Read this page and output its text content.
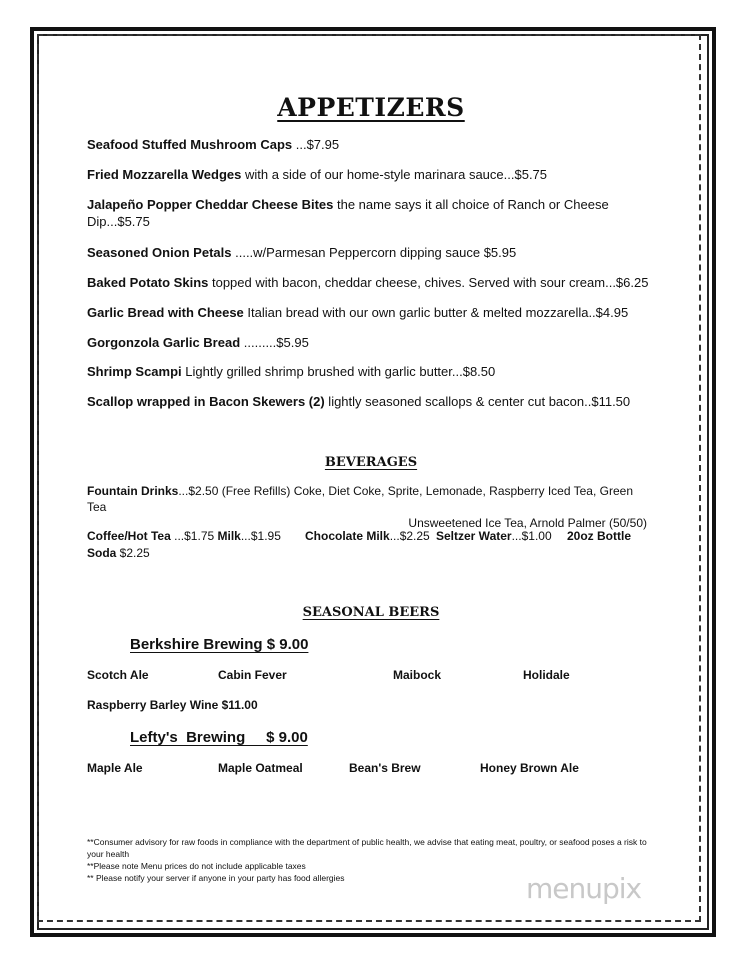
APPETIZERS
Seafood Stuffed Mushroom Caps ...$7.95
Fried Mozzarella Wedges with a side of our home-style marinara sauce...$5.75
Jalapeño Popper Cheddar Cheese Bites the name says it all choice of Ranch or Cheese Dip...$5.75
Seasoned Onion Petals .....w/Parmesan Peppercorn dipping sauce $5.95
Baked Potato Skins topped with bacon, cheddar cheese, chives. Served with sour cream...$6.25
Garlic Bread with Cheese Italian bread with our own garlic butter & melted mozzarella..$4.95
Gorgonzola Garlic Bread .........$5.95
Shrimp Scampi Lightly grilled shrimp brushed with garlic butter...$8.50
Scallop wrapped in Bacon Skewers (2) lightly seasoned scallops & center cut bacon..$11.50
BEVERAGES
Fountain Drinks...$2.50 (Free Refills) Coke, Diet Coke, Sprite, Lemonade, Raspberry Iced Tea, Green Tea
Unsweetened Ice Tea, Arnold Palmer (50/50)
Coffee/Hot Tea ...$1.75 Milk...$1.95	Chocolate Milk...$2.25 Seltzer Water...$1.00 20oz Bottle
Soda $2.25
SEASONAL BEERS
Berkshire Brewing $ 9.00
Scotch Ale	Cabin Fever	Maibock	Holidale
Raspberry Barley Wine $11.00
Lefty's  Brewing     $ 9.00
Maple Ale	Maple Oatmeal	Bean's Brew	Honey Brown Ale
**Consumer advisory for raw foods in compliance with the department of public health, we advise that eating meat, poultry, or seafood poses a risk to your health
**Please note Menu prices do not include applicable taxes
** Please notify your server if anyone in your party has food allergies	menupix
